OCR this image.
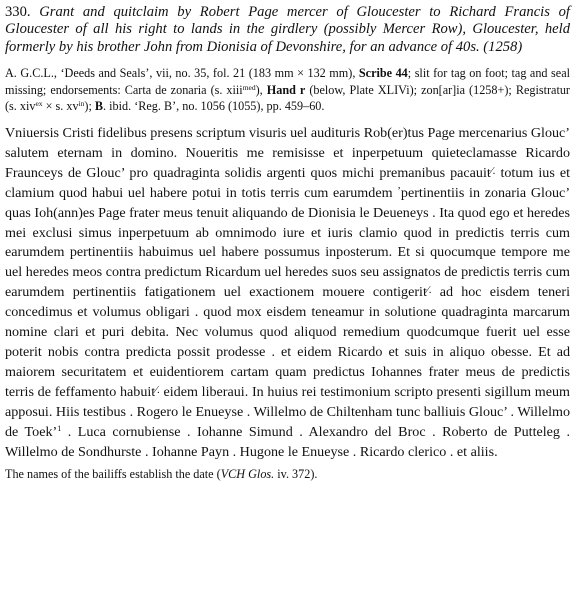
330. Grant and quitclaim by Robert Page mercer of Gloucester to Richard Francis of Gloucester of all his right to lands in the girdlery (possibly Mercer Row), Gloucester, held formerly by his brother John from Dionisia of Devonshire, for an advance of 40s. (1258)

A. G.C.L., ‘Deeds and Seals’, vii, no. 35, fol. 21 (183 mm × 132 mm), Scribe 44; slit for tag on foot; tag and seal missing; endorsements: Carta de zonaria (s. xiii$^{med}$), Hand r (below, Plate XLIVi); zon[ar]ia (1258+); Registratur (s. xiv$^{ex}$ × s. $xv^{in}$); B. ibid. ‘Reg. B’, no. 1056 (1055), pp. 459–60.

Vniuersis Cristi fidelibus presens scriptum visuris uel audituris Rob(er)tus Page mercenarius Glouc’ salutem eternam in domino. Noueritis me remisisse et inperpetuum quieteclamasse Ricardo Fraunceys de Glouc’ pro quadraginta solidis argenti quos michi premanibus pacauit⁄. totum ius et clamium quod habui uel habere potui in totis terris cum earumdem $^ʼ$pertinentiis in zonaria Glouc’ quas Ioh(ann)es Page frater meus tenuit aliquando de Dionisia le Deueneys . Ita quod ego et heredes mei exclusi simus inperpetuum ab omnimodo iure et iuris clamio quod in predictis terris cum earumdem pertinentiis habuimus uel habere possumus inposterum. Et si quocumque tempore me uel heredes meos contra predictum Ricardum uel heredes suos seu assignatos de predictis terris cum earumdem pertinentiis fatigationem uel exactionem mouere contigerit⁄. ad hoc eisdem teneri concedimus et volumus obligari . quod mox eisdem teneamur in solutione quadraginta marcarum nomine clari et puri debita. Nec volumus quod aliquod remedium quodcumque fuerit uel esse poterit nobis contra predicta possit prodesse . et eidem Ricardo et suis in aliquo obesse. Et ad maiorem securitatem et euidentiorem cartam quam predictus Iohannes frater meus de predictis terris de feffamento habuit⁄. eidem liberaui. In huius rei testimonium scripto presenti sigillum meum apposui. Hiis testibus . Rogero le Enueyse . Willelmo de Chiltenham tunc balliuis Glouc’ . Willelmo de Toek’$^1$ . Luca cornubiense . Iohanne Simund . Alexandro del Broc . Roberto de Putteleg . Willelmo de Sondhurste . Iohanne Payn . Hugone le Enueyse . Ricardo clerico . et aliis.

The names of the bailiffs establish the date (VCH Glos. iv. 372).
